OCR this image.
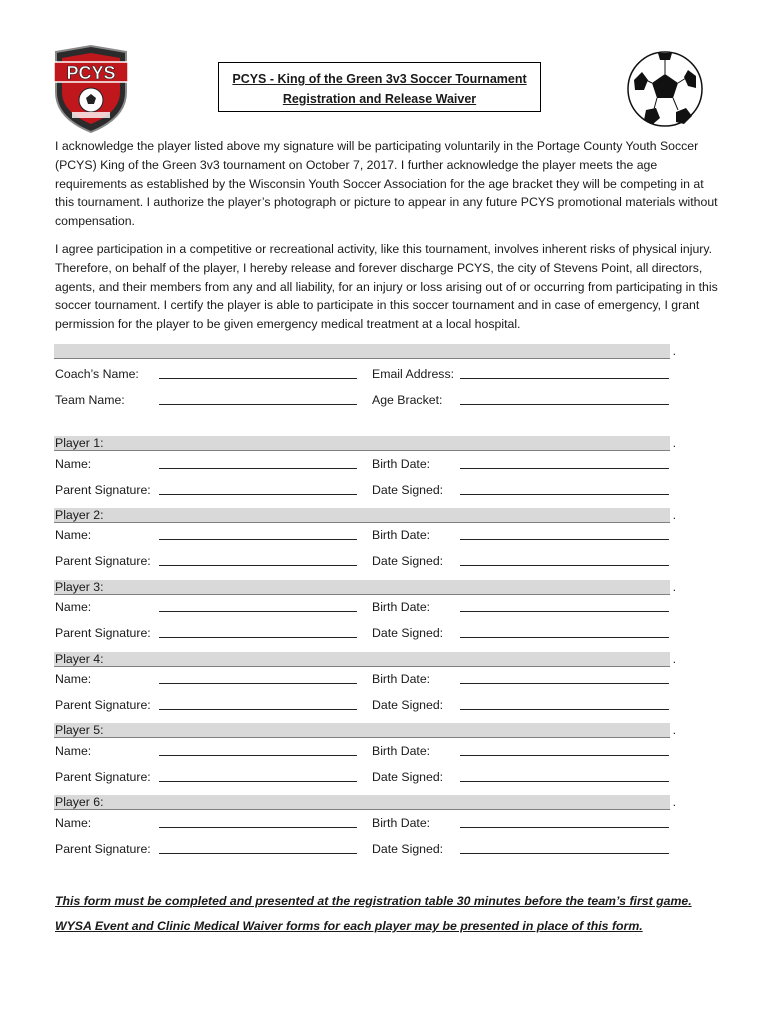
PCYS	PCYS - King of the Green 3v3 Soccer Tournament
Registration and Release Waiver

I acknowledge the player listed above my signature will be participating voluntarily in the Portage County Youth Soccer (PCYS) King of the Green 3v3 tournament on October 7, 2017. I further acknowledge the player meets the age requirements as established by the Wisconsin Youth Soccer Association for the age bracket they will be competing in at this tournament. I authorize the player’s photograph or picture to appear in any future PCYS promotional materials without compensation.

I agree participation in a competitive or recreational activity, like this tournament, involves inherent risks of physical injury. Therefore, on behalf of the player, I hereby release and forever discharge PCYS, the city of Stevens Point, all directors, agents, and their members from any and all liability, for an injury or loss arising out of or occurring from participating in this soccer tournament. I certify the player is able to participate in this soccer tournament and in case of emergency, I grant permission for the player to be given emergency medical treatment at a local hospital.

.
Coach’s Name:	Email Address:
Team Name:	Age Bracket:
Player 1:	.
Name:	Birth Date:
Parent Signature:	Date Signed:
Player 2:	.
Name:	Birth Date:
Parent Signature:	Date Signed:
Player 3:	.
Name:	Birth Date:
Parent Signature:	Date Signed:
Player 4:	.
Name:	Birth Date:
Parent Signature:	Date Signed:
Player 5:	.
Name:	Birth Date:
Parent Signature:	Date Signed:
Player 6:	.
Name:	Birth Date:
Parent Signature:	Date Signed:
This form must be completed and presented at the registration table 30 minutes before the team’s first game.
WYSA Event and Clinic Medical Waiver forms for each player may be presented in place of this form.
